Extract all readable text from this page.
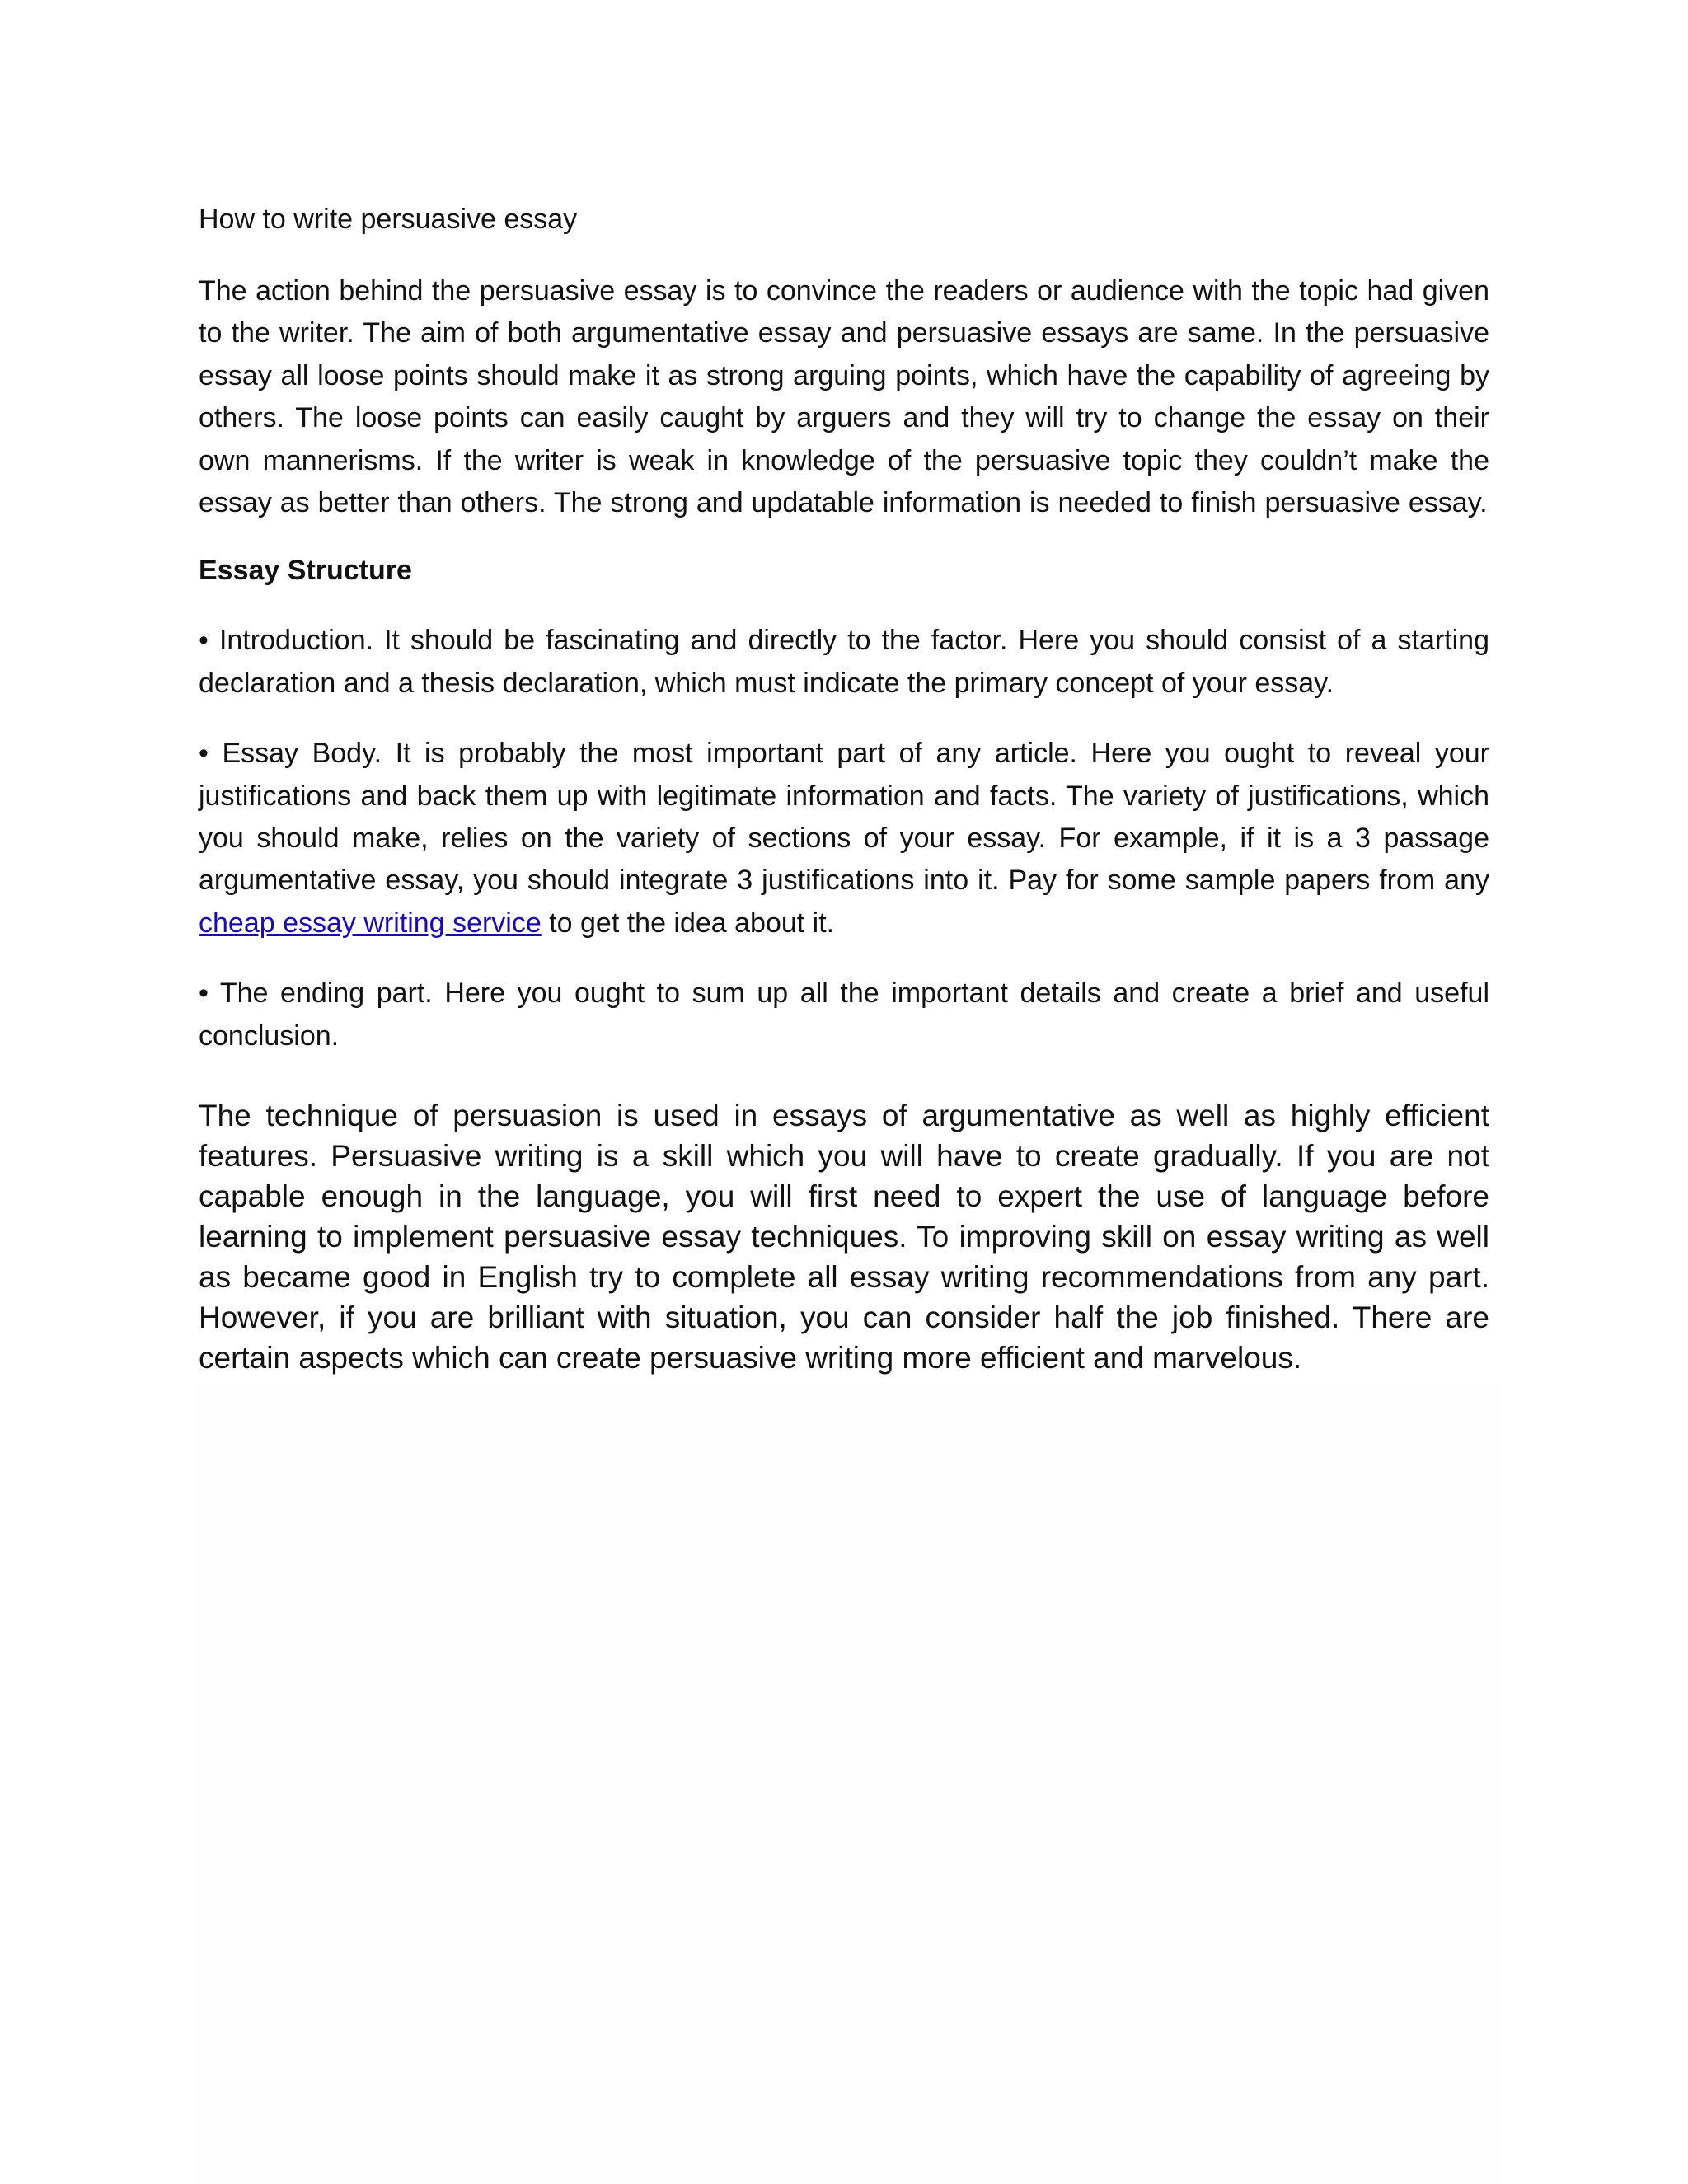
How to write persuasive essay

The action behind the persuasive essay is to convince the readers or audience with the topic had given to the writer. The aim of both argumentative essay and persuasive essays are same. In the persuasive essay all loose points should make it as strong arguing points, which have the capability of agreeing by others. The loose points can easily caught by arguers and they will try to change the essay on their own mannerisms. If the writer is weak in knowledge of the persuasive topic they couldn’t make the essay as better than others. The strong and updatable information is needed to finish persuasive essay.

Essay Structure

• Introduction. It should be fascinating and directly to the factor. Here you should consist of a starting declaration and a thesis declaration, which must indicate the primary concept of your essay.

• Essay Body. It is probably the most important part of any article. Here you ought to reveal your justifications and back them up with legitimate information and facts. The variety of justifications, which you should make, relies on the variety of sections of your essay. For example, if it is a 3 passage argumentative essay, you should integrate 3 justifications into it. Pay for some sample papers from any cheap essay writing service to get the idea about it.

• The ending part. Here you ought to sum up all the important details and create a brief and useful conclusion.

The technique of persuasion is used in essays of argumentative as well as highly efficient features. Persuasive writing is a skill which you will have to create gradually. If you are not capable enough in the language, you will first need to expert the use of language before learning to implement persuasive essay techniques. To improving skill on essay writing as well as became good in English try to complete all essay writing recommendations from any part. However, if you are brilliant with situation, you can consider half the job finished. There are certain aspects which can create persuasive writing more efficient and marvelous.
